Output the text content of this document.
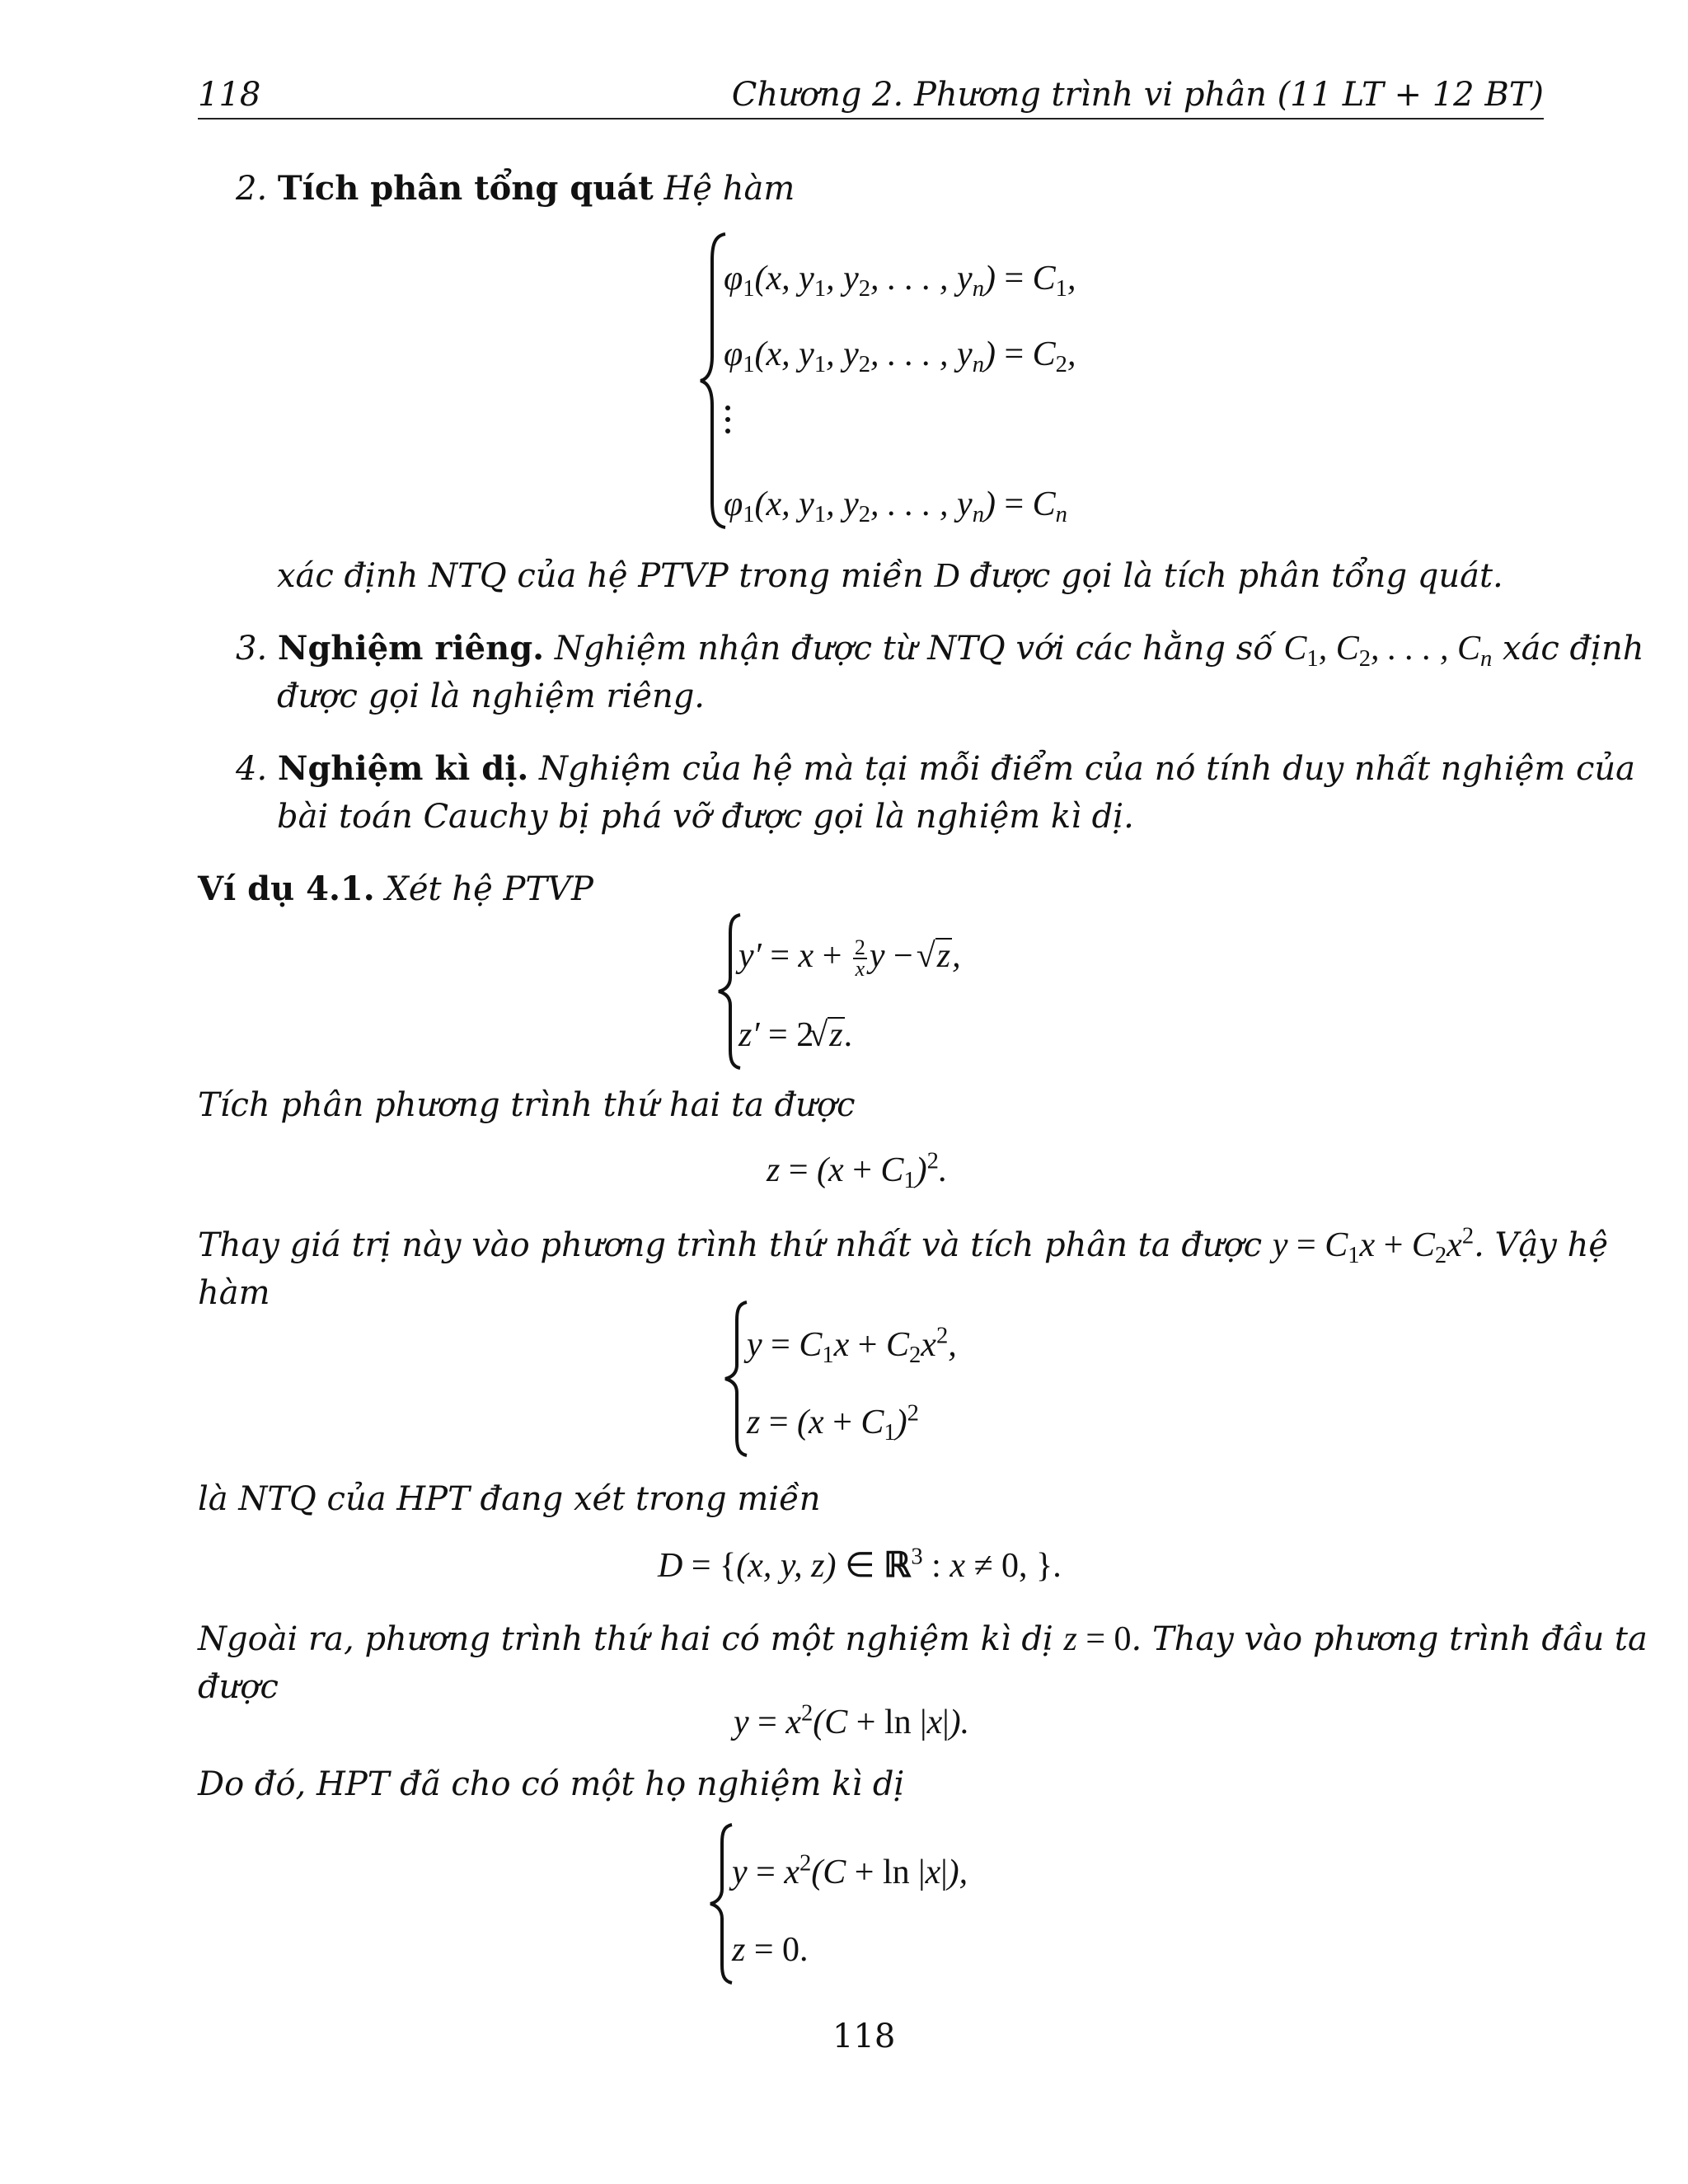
118	Chương 2. Phương trình vi phân (11 LT + 12 BT)
2. Tích phân tổng quát Hệ hàm
$\varphi_1(x$, $y_1$, $y_2$, . . . , $y_n) = C_1$,
$\varphi_1(x$, $y_1$, $y_2$, . . . , $y_n) = C_2$,
$\varphi_1(x$, $y_1$, $y_2$, . . . , $y_n) = C_n$
xác định NTQ của hệ PTVP trong miền D được gọi là tích phân tổng quát.
3. Nghiệm riêng. Nghiệm nhận được từ NTQ với các hằng số $C_1$, $C_2$, . . . , $C_n$ xác định
được gọi là nghiệm riêng.
4. Nghiệm kì dị. Nghiệm của hệ mà tại mỗi điểm của nó tính duy nhất nghiệm của
bài toán Cauchy bị phá vỡ được gọi là nghiệm kì dị.
Ví dụ 4.1. Xét hệ PTVP
$y' = x + \frac{2}{x}$ y −√z,
z′ = 2√z.
Tích phân phương trình thứ hai ta được
$z = (x + C_1)^2$.
Thay giá trị này vào phương trình thứ nhất và tích phân ta được $y = C_1x + C_2x^2$. Vậy hệ
hàm
$y = C_1x + C_2x^2$,
$z = (x + C_1)^2$
là NTQ của HPT đang xét trong miền
D = {(x, y, z) ∈ ℝ$^3$ : x ≠ 0, }.
Ngoài ra, phương trình thứ hai có một nghiệm kì dị z = 0. Thay vào phương trình đầu ta
được
$y = x^2(C + \ln |x|)$.
Do đó, HPT đã cho có một họ nghiệm kì dị
$y = x^2(C + \ln |x|)$,
z = 0.
118
